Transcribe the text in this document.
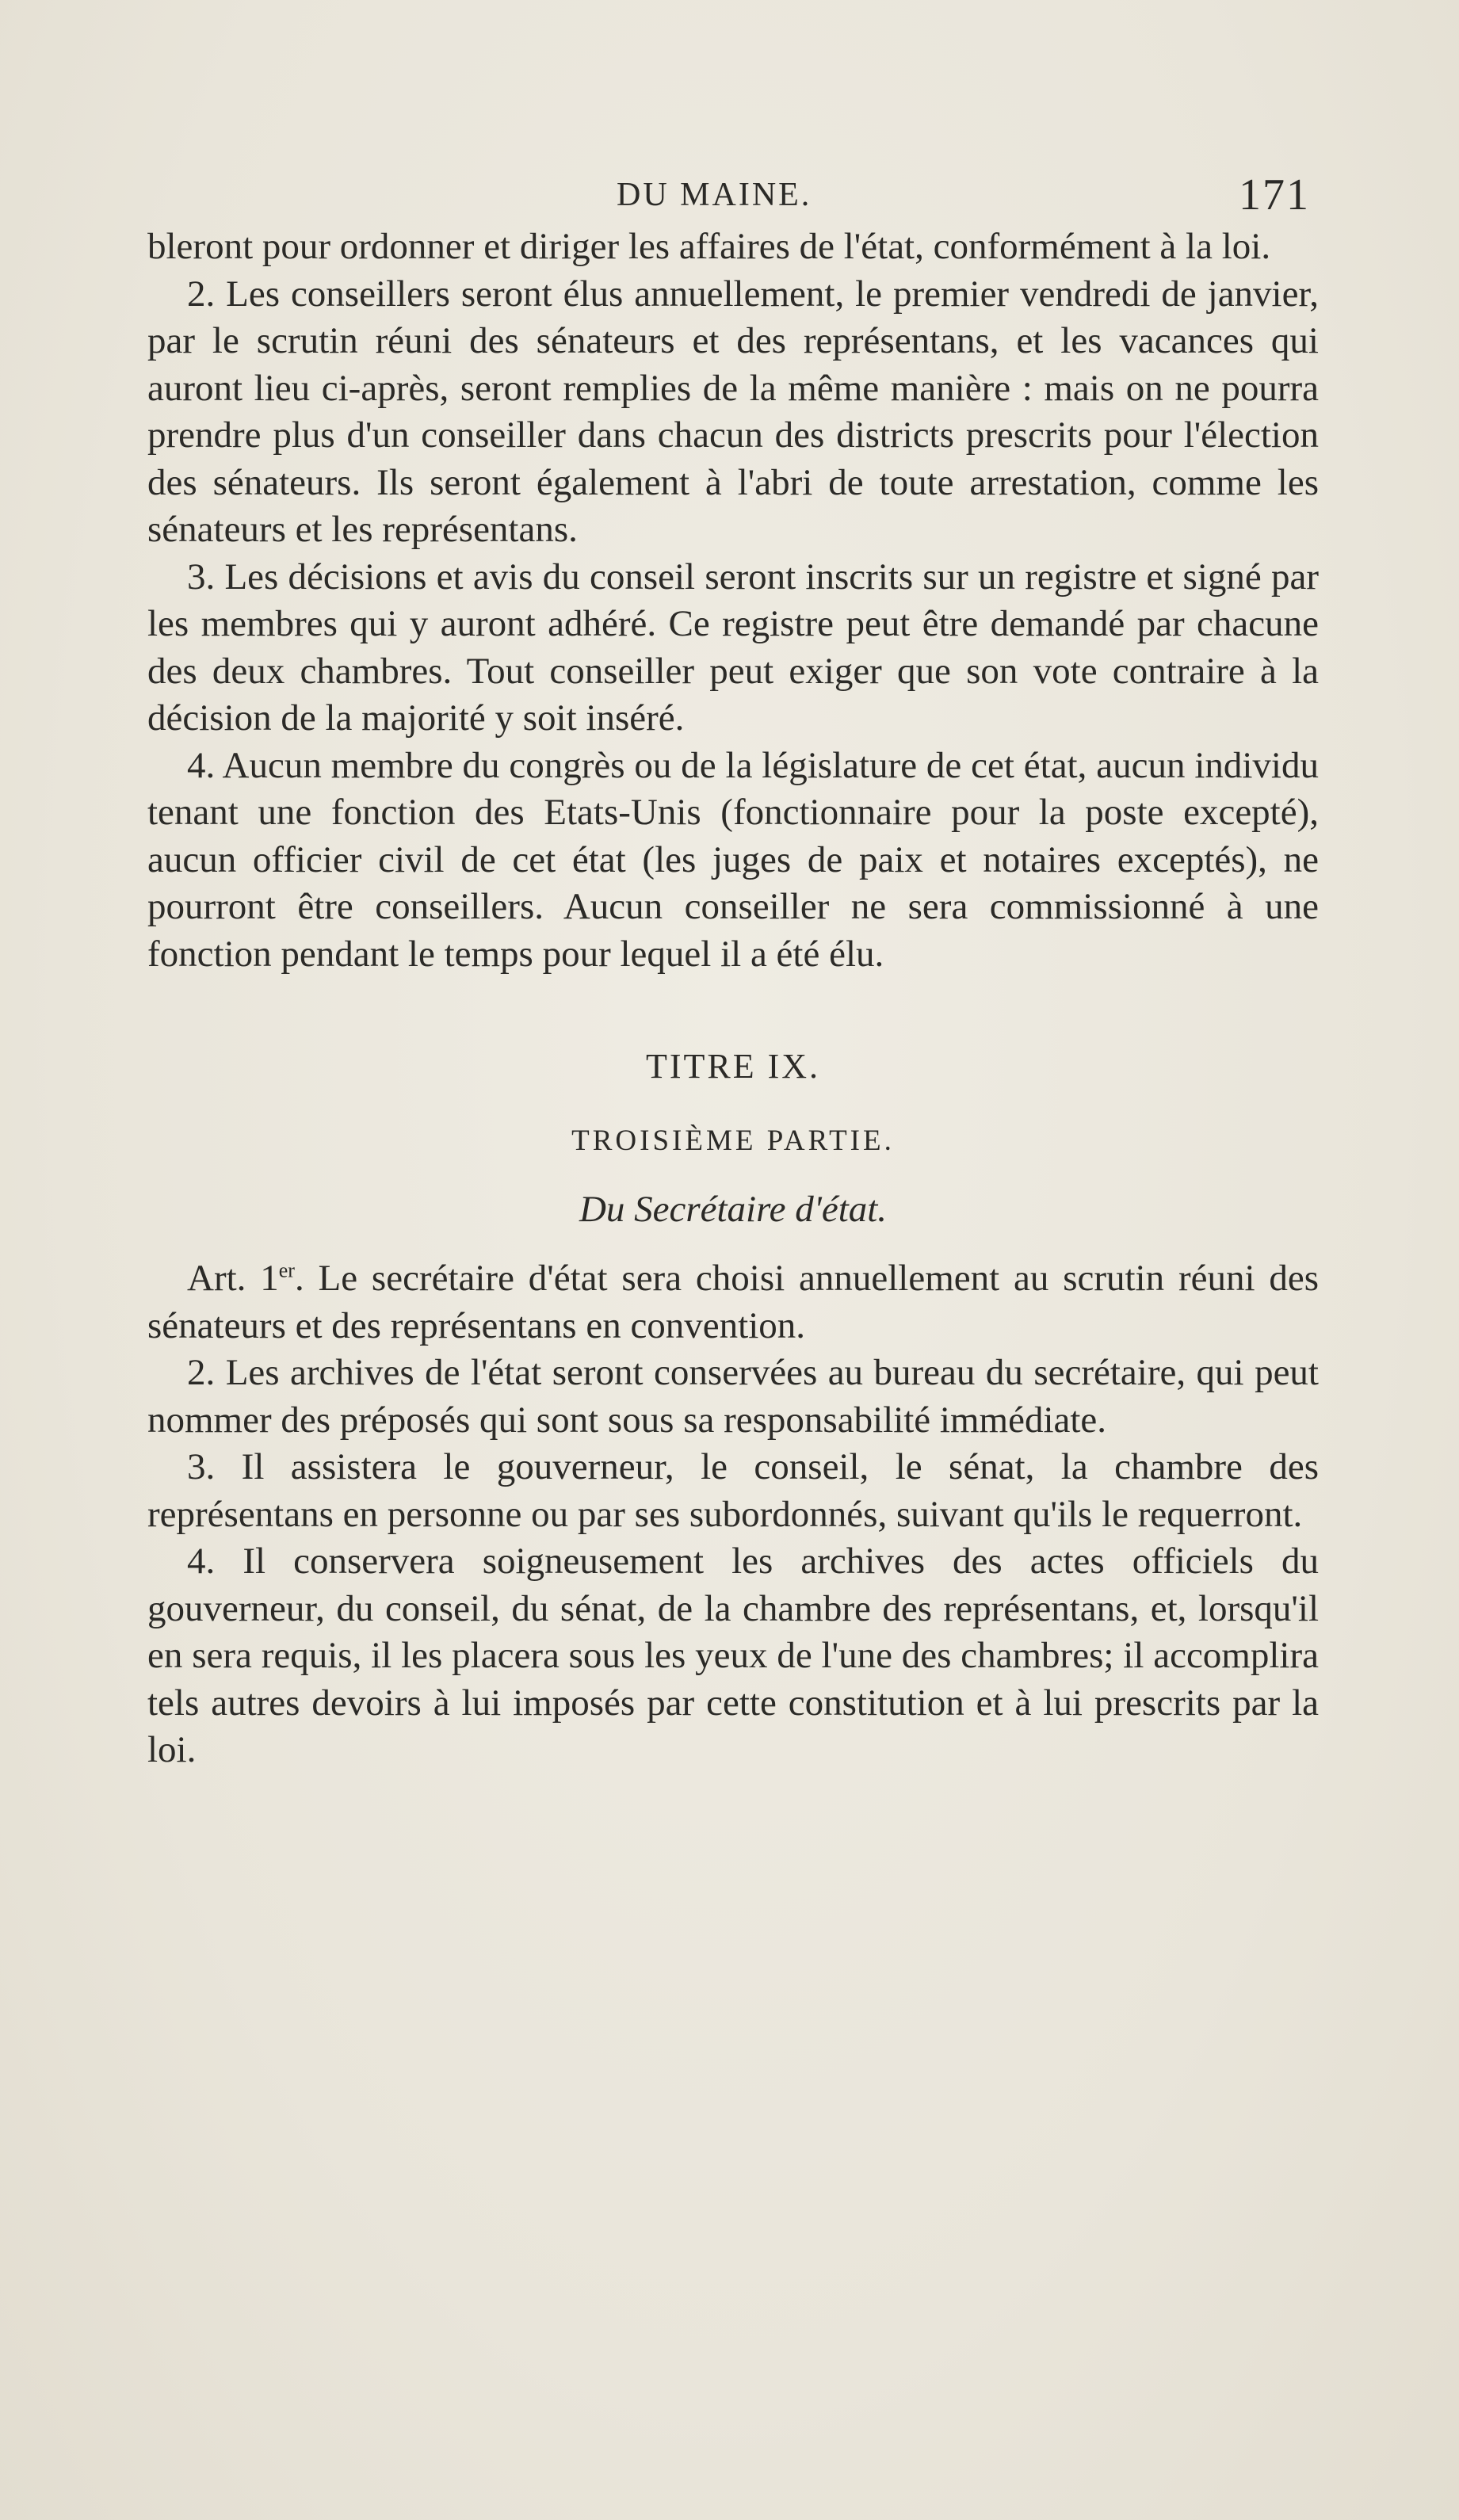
DU MAINE.	171

bleront pour ordonner et diriger les affaires de l'état, conformément à la loi.

2. Les conseillers seront élus annuellement, le premier vendredi de janvier, par le scrutin réuni des sénateurs et des représentans, et les vacances qui auront lieu ci-après, seront remplies de la même manière : mais on ne pourra prendre plus d'un conseiller dans chacun des districts prescrits pour l'élection des sénateurs. Ils seront également à l'abri de toute arrestation, comme les sénateurs et les représentans.

3. Les décisions et avis du conseil seront inscrits sur un registre et signé par les membres qui y auront adhéré. Ce registre peut être demandé par chacune des deux chambres. Tout conseiller peut exiger que son vote contraire à la décision de la majorité y soit inséré.

4. Aucun membre du congrès ou de la législature de cet état, aucun individu tenant une fonction des Etats-Unis (fonctionnaire pour la poste excepté), aucun officier civil de cet état (les juges de paix et notaires exceptés), ne pourront être conseillers. Aucun conseiller ne sera commissionné à une fonction pendant le temps pour lequel il a été élu.

TITRE IX.

TROISIÈME PARTIE.

Du Secrétaire d'état.

Art. 1er. Le secrétaire d'état sera choisi annuellement au scrutin réuni des sénateurs et des représentans en convention.

2. Les archives de l'état seront conservées au bureau du secrétaire, qui peut nommer des préposés qui sont sous sa responsabilité immédiate.

3. Il assistera le gouverneur, le conseil, le sénat, la chambre des représentans en personne ou par ses subordonnés, suivant qu'ils le requerront.

4. Il conservera soigneusement les archives des actes officiels du gouverneur, du conseil, du sénat, de la chambre des représentans, et, lorsqu'il en sera requis, il les placera sous les yeux de l'une des chambres; il accomplira tels autres devoirs à lui imposés par cette constitution et à lui prescrits par la loi.
